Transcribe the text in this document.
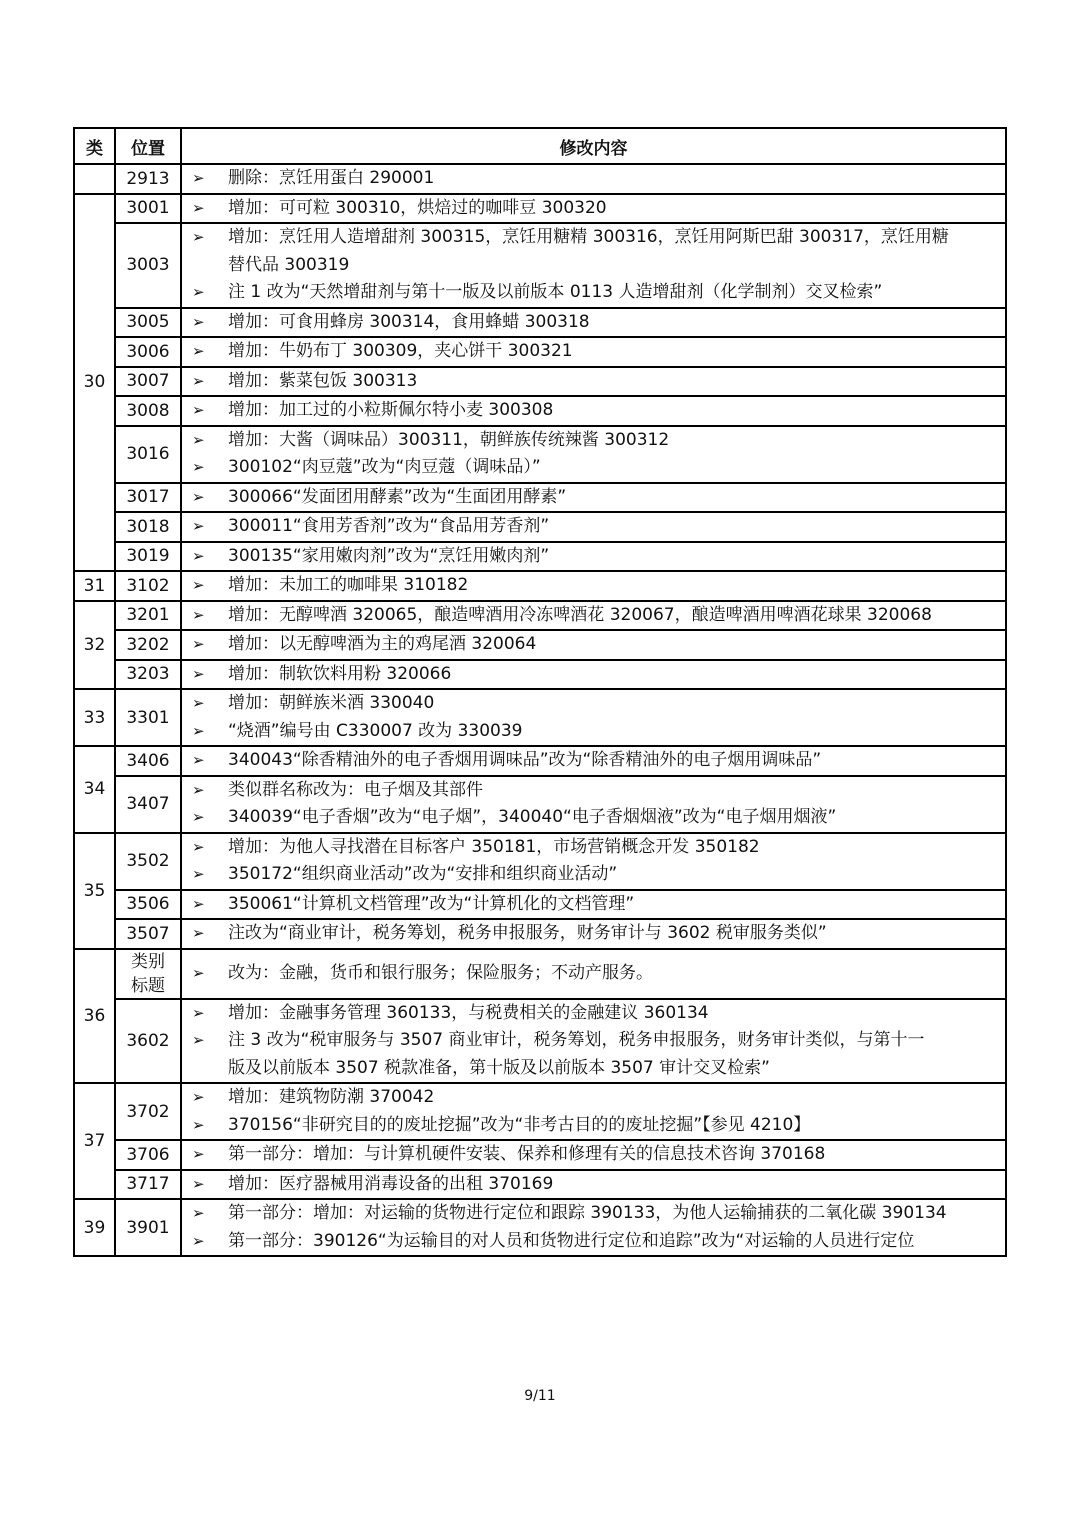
类	位置	修改内容
	2913	➢ 删除：烹饪用蛋白 290001

30	3001	➢ 增加：可可粒 300310，烘焙过的咖啡豆 300320

	3003	➢ 增加：烹饪用人造增甜剂 300315，烹饪用糖精 300316，烹饪用阿斯巴甜 300317，烹饪用糖
替代品 300319
➢ 注 1 改为“天然增甜剂与第十一版及以前版本 0113 人造增甜剂（化学制剂）交叉检索”

	3005	➢ 增加：可食用蜂房 300314，食用蜂蜡 300318

	3006	➢ 增加：牛奶布丁 300309，夹心饼干 300321

	3007	➢ 增加：紫菜包饭 300313

	3008	➢ 增加：加工过的小粒斯佩尔特小麦 300308

	3016	➢ 增加：大酱（调味品）300311，朝鲜族传统辣酱 300312
➢ 300102“肉豆蔻”改为“肉豆蔻（调味品）”

	3017	➢ 300066“发面团用酵素”改为“生面团用酵素”

	3018	➢ 300011“食用芳香剂”改为“食品用芳香剂”

	3019	➢ 300135“家用嫩肉剂”改为“烹饪用嫩肉剂”

31	3102	➢ 增加：未加工的咖啡果 310182

32	3201	➢ 增加：无醇啤酒 320065，酿造啤酒用冷冻啤酒花 320067，酿造啤酒用啤酒花球果 320068

	3202	➢ 增加：以无醇啤酒为主的鸡尾酒 320064

	3203	➢ 增加：制软饮料用粉 320066

33	3301	➢ 增加：朝鲜族米酒 330040
➢ “烧酒”编号由 C330007 改为 330039

34	3406	➢ 340043“除香精油外的电子香烟用调味品”改为“除香精油外的电子烟用调味品”

	3407	➢ 类似群名称改为：电子烟及其部件
➢ 340039“电子香烟”改为“电子烟”，340040“电子香烟烟液”改为“电子烟用烟液”

35	3502	➢ 增加：为他人寻找潜在目标客户 350181，市场营销概念开发 350182
➢ 350172“组织商业活动”改为“安排和组织商业活动”

	3506	➢ 350061“计算机文档管理”改为“计算机化的文档管理”

	3507	➢ 注改为“商业审计，税务筹划，税务申报服务，财务审计与 3602 税审服务类似”

36	类别
标题	➢ 改为：金融，货币和银行服务；保险服务；不动产服务。

	3602	➢ 增加：金融事务管理 360133，与税费相关的金融建议 360134
➢ 注 3 改为“税审服务与 3507 商业审计，税务筹划，税务申报服务，财务审计类似，与第十一
版及以前版本 3507 税款准备，第十版及以前版本 3507 审计交叉检索”

37	3702	➢ 增加：建筑物防潮 370042
➢ 370156“非研究目的的废址挖掘”改为“非考古目的的废址挖掘”【参见 4210】

	3706	➢ 第一部分：增加：与计算机硬件安装、保养和修理有关的信息技术咨询 370168

	3717	➢ 增加：医疗器械用消毒设备的出租 370169

39	3901	➢ 第一部分：增加：对运输的货物进行定位和跟踪 390133，为他人运输捕获的二氧化碳 390134
➢ 第一部分：390126“为运输目的对人员和货物进行定位和追踪”改为“对运输的人员进行定位
9/11
